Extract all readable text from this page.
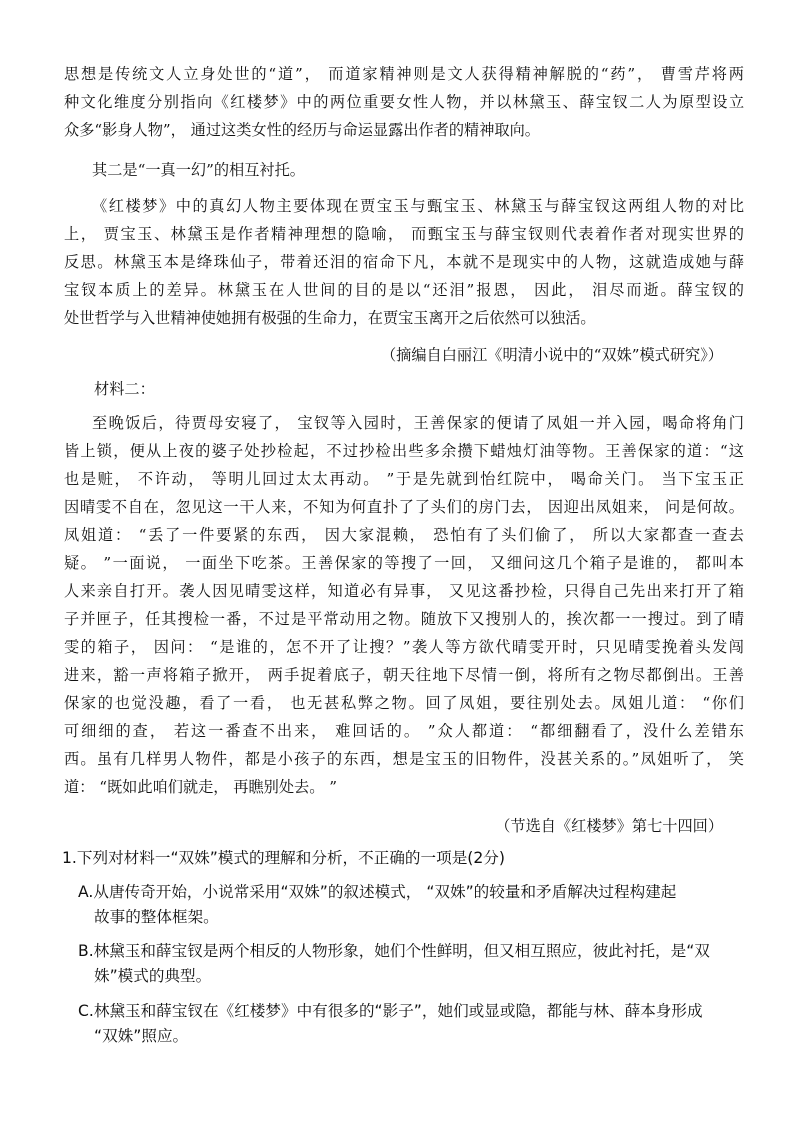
思想是传统文人立身处世的“道”， 而道家精神则是文人获得精神解脱的“药”， 曹雪芹将两
种文化维度分别指向《红楼梦》中的两位重要女性人物，并以林黛玉、薛宝钗二人为原型设立
众多“影身人物”， 通过这类女性的经历与命运显露出作者的精神取向。
其二是“一真一幻”的相互衬托。
《红楼梦》中的真幻人物主要体现在贾宝玉与甄宝玉、林黛玉与薛宝钗这两组人物的对比
上， 贾宝玉、林黛玉是作者精神理想的隐喻， 而甄宝玉与薛宝钗则代表着作者对现实世界的
反思。林黛玉本是绛珠仙子，带着还泪的宿命下凡，本就不是现实中的人物，这就造成她与薛
宝钗本质上的差异。林黛玉在人世间的目的是以“还泪”报恩， 因此， 泪尽而逝。薛宝钗的
处世哲学与入世精神使她拥有极强的生命力，在贾宝玉离开之后依然可以独活。
（摘编自白丽江《明清小说中的“双姝”模式研究》）
材料二：
至晚饭后，待贾母安寝了， 宝钗等入园时，王善保家的便请了凤姐一并入园，喝命将角门
皆上锁，便从上夜的婆子处抄检起，不过抄检出些多余攒下蜡烛灯油等物。王善保家的道：“这
也是赃， 不许动， 等明儿回过太太再动。 ”于是先就到怡红院中， 喝命关门。 当下宝玉正
因晴雯不自在，忽见这一干人来，不知为何直扑了了头们的房门去， 因迎出凤姐来， 问是何故。
凤姐道： “丢了一件要紧的东西， 因大家混赖， 恐怕有了头们偷了， 所以大家都查一查去
疑。 ”一面说， 一面坐下吃茶。王善保家的等搜了一回， 又细问这几个箱子是谁的， 都叫本
人来亲自打开。袭人因见晴雯这样，知道必有异事， 又见这番抄检，只得自己先出来打开了箱
子并匣子，任其搜检一番，不过是平常动用之物。随放下又搜别人的，挨次都一一搜过。到了晴
雯的箱子， 因问： “是谁的，怎不开了让搜？”袭人等方欲代晴雯开时，只见晴雯挽着头发闯
进来，豁一声将箱子掀开， 两手捉着底子，朝天往地下尽情一倒，将所有之物尽都倒出。王善
保家的也觉没趣，看了一看， 也无甚私弊之物。回了凤姐，要往别处去。凤姐儿道： “你们
可细细的查， 若这一番查不出来， 难回话的。 ”众人都道： “都细翻看了，没什么差错东
西。虽有几样男人物件，都是小孩子的东西，想是宝玉的旧物件，没甚关系的。”凤姐听了， 笑
道： “既如此咱们就走， 再瞧别处去。 ”
（节选自《红楼梦》第七十四回）
1.下列对材料一“双姝”模式的理解和分析，不正确的一项是(2分)
A.从唐传奇开始，小说常采用“双姝”的叙述模式， “双姝”的较量和矛盾解决过程构建起
故事的整体框架。
B.林黛玉和薛宝钗是两个相反的人物形象，她们个性鲜明，但又相互照应，彼此衬托，是“双
姝”模式的典型。
C.林黛玉和薛宝钗在《红楼梦》中有很多的“影子”，她们或显或隐，都能与林、薛本身形成
“双姝”照应。
